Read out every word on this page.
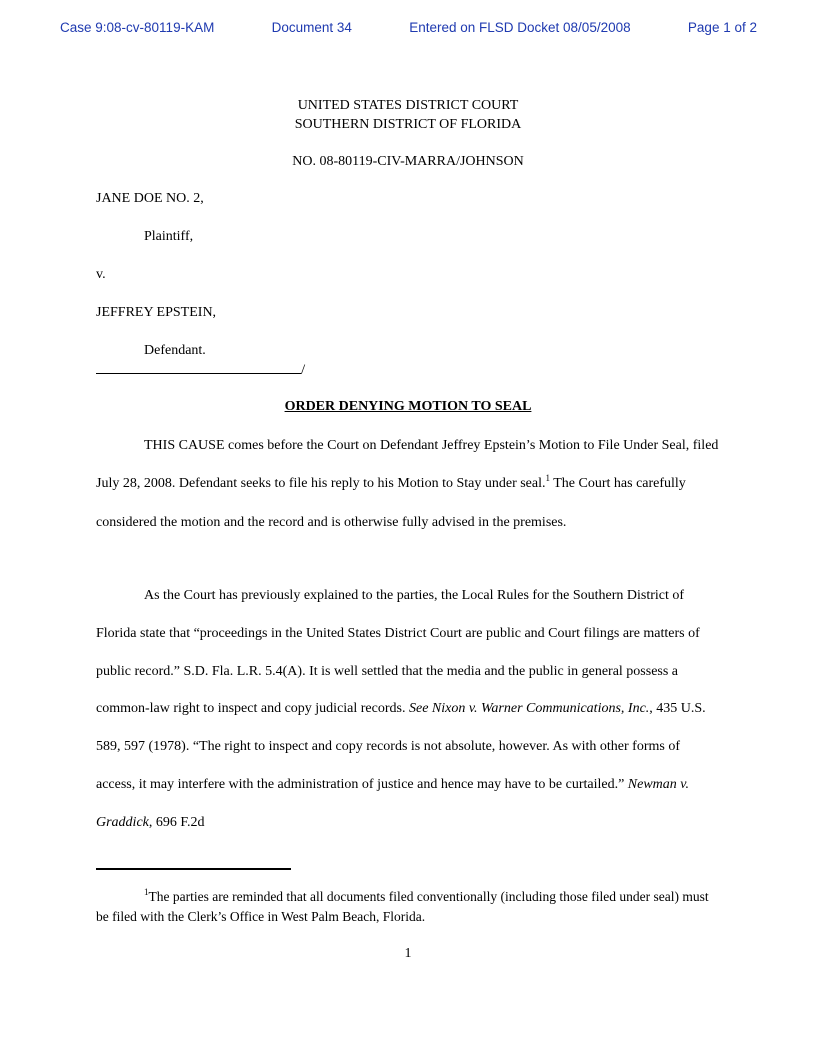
Case 9:08-cv-80119-KAM	Document 34	Entered on FLSD Docket 08/05/2008	Page 1 of 2
UNITED STATES DISTRICT COURT
SOUTHERN DISTRICT OF FLORIDA
NO. 08-80119-CIV-MARRA/JOHNSON
JANE DOE NO. 2,
Plaintiff,
v.
JEFFREY EPSTEIN,
Defendant.
/
ORDER DENYING MOTION TO SEAL

THIS CAUSE comes before the Court on Defendant Jeffrey Epstein’s Motion to File Under Seal, filed July 28, 2008. Defendant seeks to file his reply to his Motion to Stay under seal.$^1$ The Court has carefully considered the motion and the record and is otherwise fully advised in the premises.

As the Court has previously explained to the parties, the Local Rules for the Southern District of Florida state that “proceedings in the United States District Court are public and Court filings are matters of public record.” S.D. Fla. L.R. 5.4(A). It is well settled that the media and the public in general possess a common-law right to inspect and copy judicial records. See Nixon v. Warner Communications, Inc., 435 U.S. 589, 597 (1978). “The right to inspect and copy records is not absolute, however. As with other forms of access, it may interfere with the administration of justice and hence may have to be curtailed.” Newman v. Graddick, 696 F.2d

$^1$The parties are reminded that all documents filed conventionally (including those filed under seal) must be filed with the Clerk’s Office in West Palm Beach, Florida.
1
